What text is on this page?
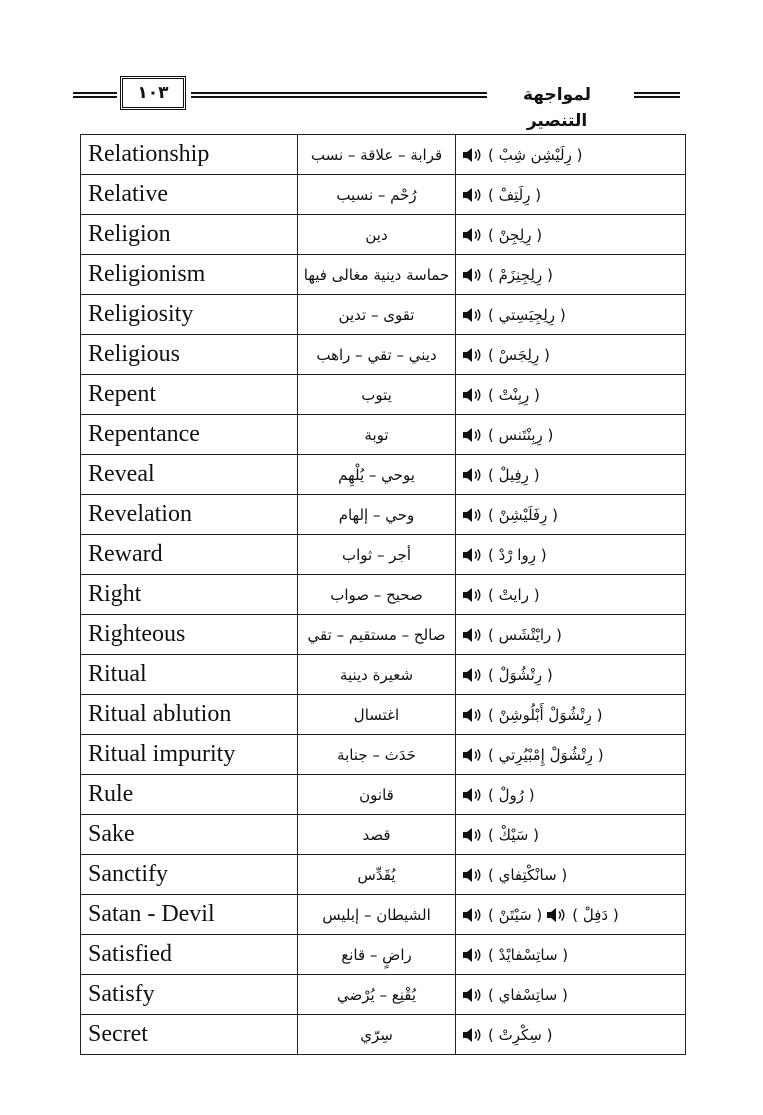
١٠٣	لمواجهة التنصير
Relationship	قرابة – علاقة – نسب	( رِلَيْشِن شِبْ )

Relative	رُحْم – نسيب	( رِلَتِفْ )

Religion	دين	( رِلِجِنْ )

Religionism	حماسة دينية مغالى فيها	( رِلِجِنِزَمْ )

Religiosity	تقوى – تدين	( رِلِجِيَسِتي )

Religious	ديني – تقي – راهب	( رِلِجَسْ )

Repent	يتوب	( رِبِنْتْ )

Repentance	توبة	( رِبِنْتَنس )

Reveal	يوحي – يُلْهِم	( رِفِيلْ )

Revelation	وحي – إلهام	( رِفَلَيْشِنْ )

Reward	أجر – ثواب	( رِوا رْدْ )

Right	صحيح – صواب	( رايتْ )

Righteous	صالح – مستقيم – تقي	( رايْتْشَس )

Ritual	شعيرة دينية	( رِتْشُوَلْ )

Ritual ablution	اغتسال	( رِتْشُوَلْ أَبْلُوشِنْ )

Ritual impurity	حَدَث – جنابة	( رِتْشُوَلْ إِمْبْيُرِتي )

Rule	قانون	( رُولْ )

Sake	قصد	( سَيْكْ )

Sanctify	يُقَدِّس	( سانْكْتِفاي )

Satan - Devil	الشيطان – إبليس	( سَيْتَنْ ) ( دَفِلْ )

Satisfied	راضٍ – قانع	( ساتِسْفايْدْ )

Satisfy	يُقْنِع – يُرْضي	( ساتِسْفاي )

Secret	سِرّي	( سِكْرِتْ )
